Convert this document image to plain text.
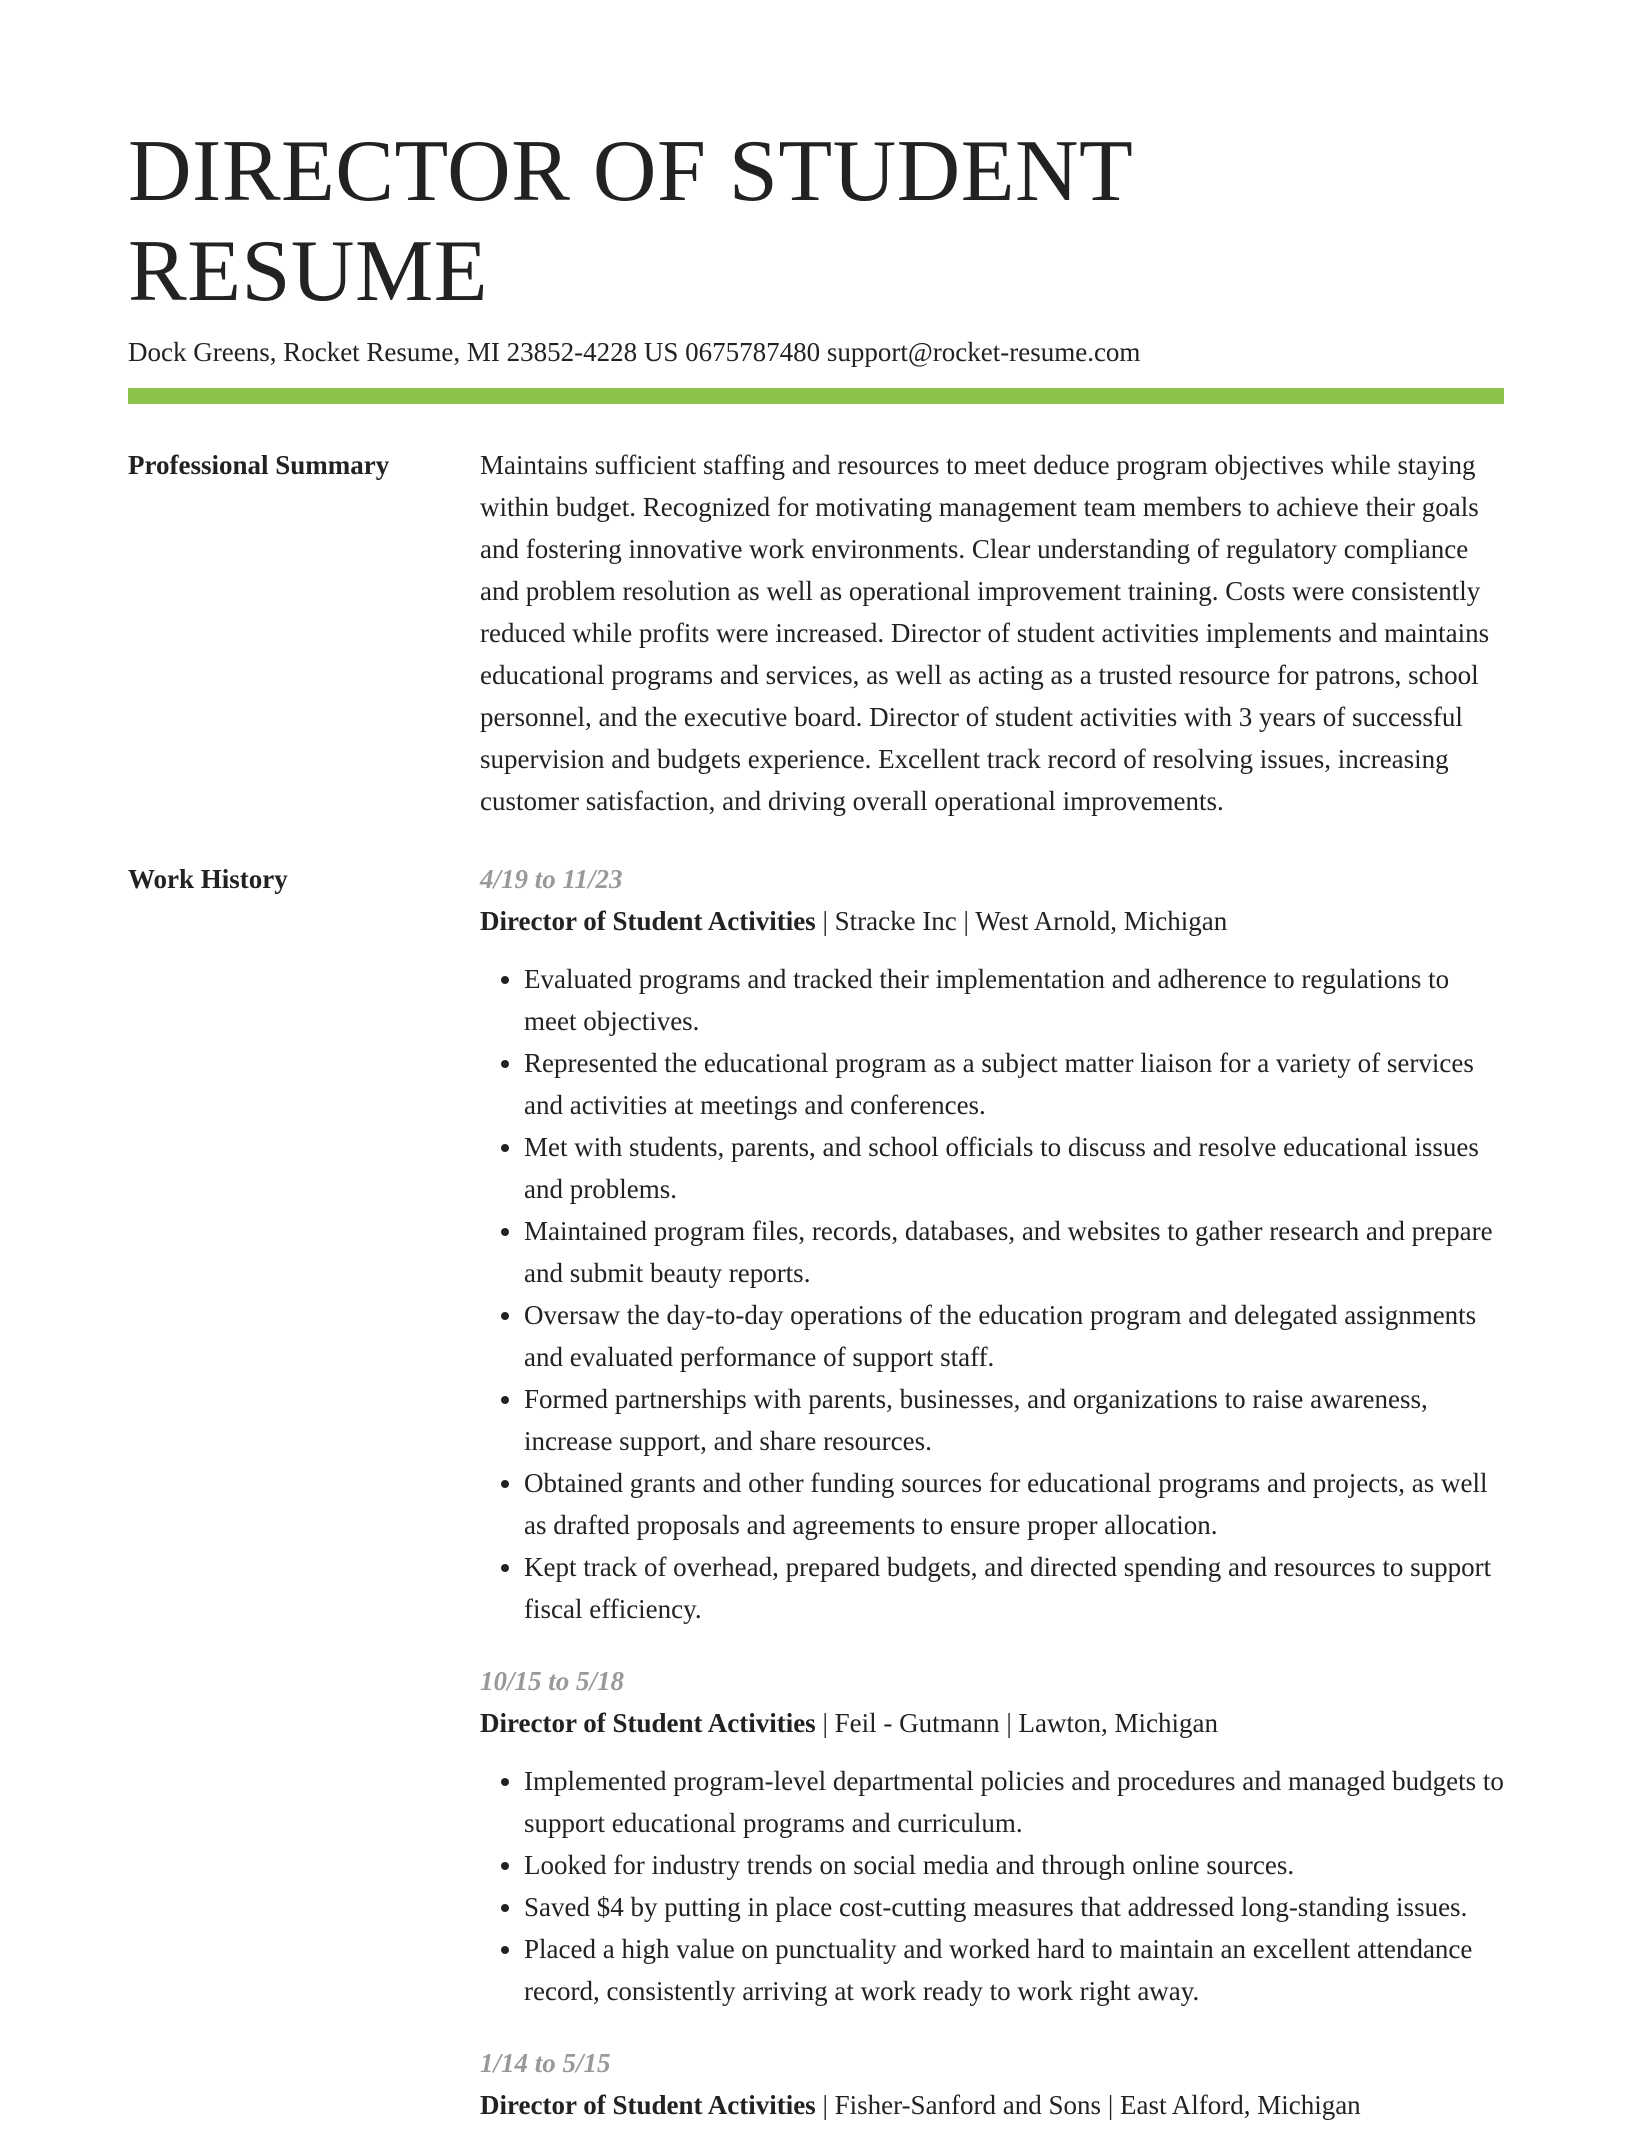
DIRECTOR OF STUDENT RESUME
Dock Greens, Rocket Resume, MI 23852-4228 US 0675787480 support@rocket-resume.com
Professional Summary	Maintains sufficient staffing and resources to meet deduce program objectives while staying within budget. Recognized for motivating management team members to achieve their goals and fostering innovative work environments. Clear understanding of regulatory compliance and problem resolution as well as operational improvement training. Costs were consistently reduced while profits were increased. Director of student activities implements and maintains educational programs and services, as well as acting as a trusted resource for patrons, school personnel, and the executive board. Director of student activities with 3 years of successful supervision and budgets experience. Excellent track record of resolving issues, increasing customer satisfaction, and driving overall operational improvements.

Work History	4/19 to 11/23
Director of Student Activities | Stracke Inc | West Arnold, Michigan
• Evaluated programs and tracked their implementation and adherence to regulations to meet objectives.
• Represented the educational program as a subject matter liaison for a variety of services and activities at meetings and conferences.
• Met with students, parents, and school officials to discuss and resolve educational issues and problems.
• Maintained program files, records, databases, and websites to gather research and prepare and submit beauty reports.
• Oversaw the day-to-day operations of the education program and delegated assignments and evaluated performance of support staff.
• Formed partnerships with parents, businesses, and organizations to raise awareness, increase support, and share resources.
• Obtained grants and other funding sources for educational programs and projects, as well as drafted proposals and agreements to ensure proper allocation.
• Kept track of overhead, prepared budgets, and directed spending and resources to support fiscal efficiency.
10/15 to 5/18
Director of Student Activities | Feil - Gutmann | Lawton, Michigan
• Implemented program-level departmental policies and procedures and managed budgets to support educational programs and curriculum.
• Looked for industry trends on social media and through online sources.
• Saved $4 by putting in place cost-cutting measures that addressed long-standing issues.
• Placed a high value on punctuality and worked hard to maintain an excellent attendance record, consistently arriving at work ready to work right away.
1/14 to 5/15
Director of Student Activities | Fisher-Sanford and Sons | East Alford, Michigan
